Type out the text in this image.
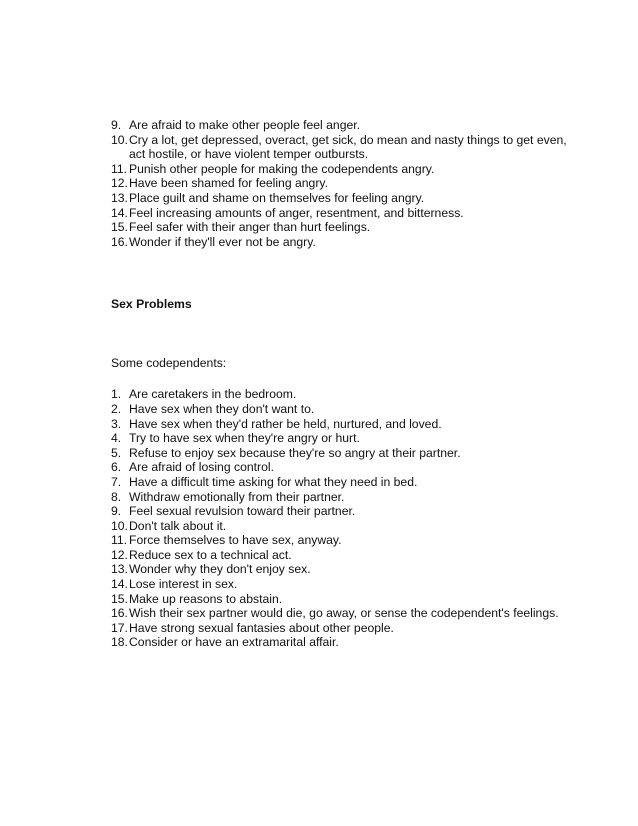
9. Are afraid to make other people feel anger.
10. Cry a lot, get depressed, overact, get sick, do mean and nasty things to get even, act hostile, or have violent temper outbursts.
11. Punish other people for making the codependents angry.
12. Have been shamed for feeling angry.
13. Place guilt and shame on themselves for feeling angry.
14. Feel increasing amounts of anger, resentment, and bitterness.
15. Feel safer with their anger than hurt feelings.
16. Wonder if they'll ever not be angry.
Sex Problems
Some codependents:
1. Are caretakers in the bedroom.
2. Have sex when they don't want to.
3. Have sex when they'd rather be held, nurtured, and loved.
4. Try to have sex when they're angry or hurt.
5. Refuse to enjoy sex because they're so angry at their partner.
6. Are afraid of losing control.
7. Have a difficult time asking for what they need in bed.
8. Withdraw emotionally from their partner.
9. Feel sexual revulsion toward their partner.
10. Don't talk about it.
11. Force themselves to have sex, anyway.
12. Reduce sex to a technical act.
13. Wonder why they don't enjoy sex.
14. Lose interest in sex.
15. Make up reasons to abstain.
16. Wish their sex partner would die, go away, or sense the codependent's feelings.
17. Have strong sexual fantasies about other people.
18. Consider or have an extramarital affair.
